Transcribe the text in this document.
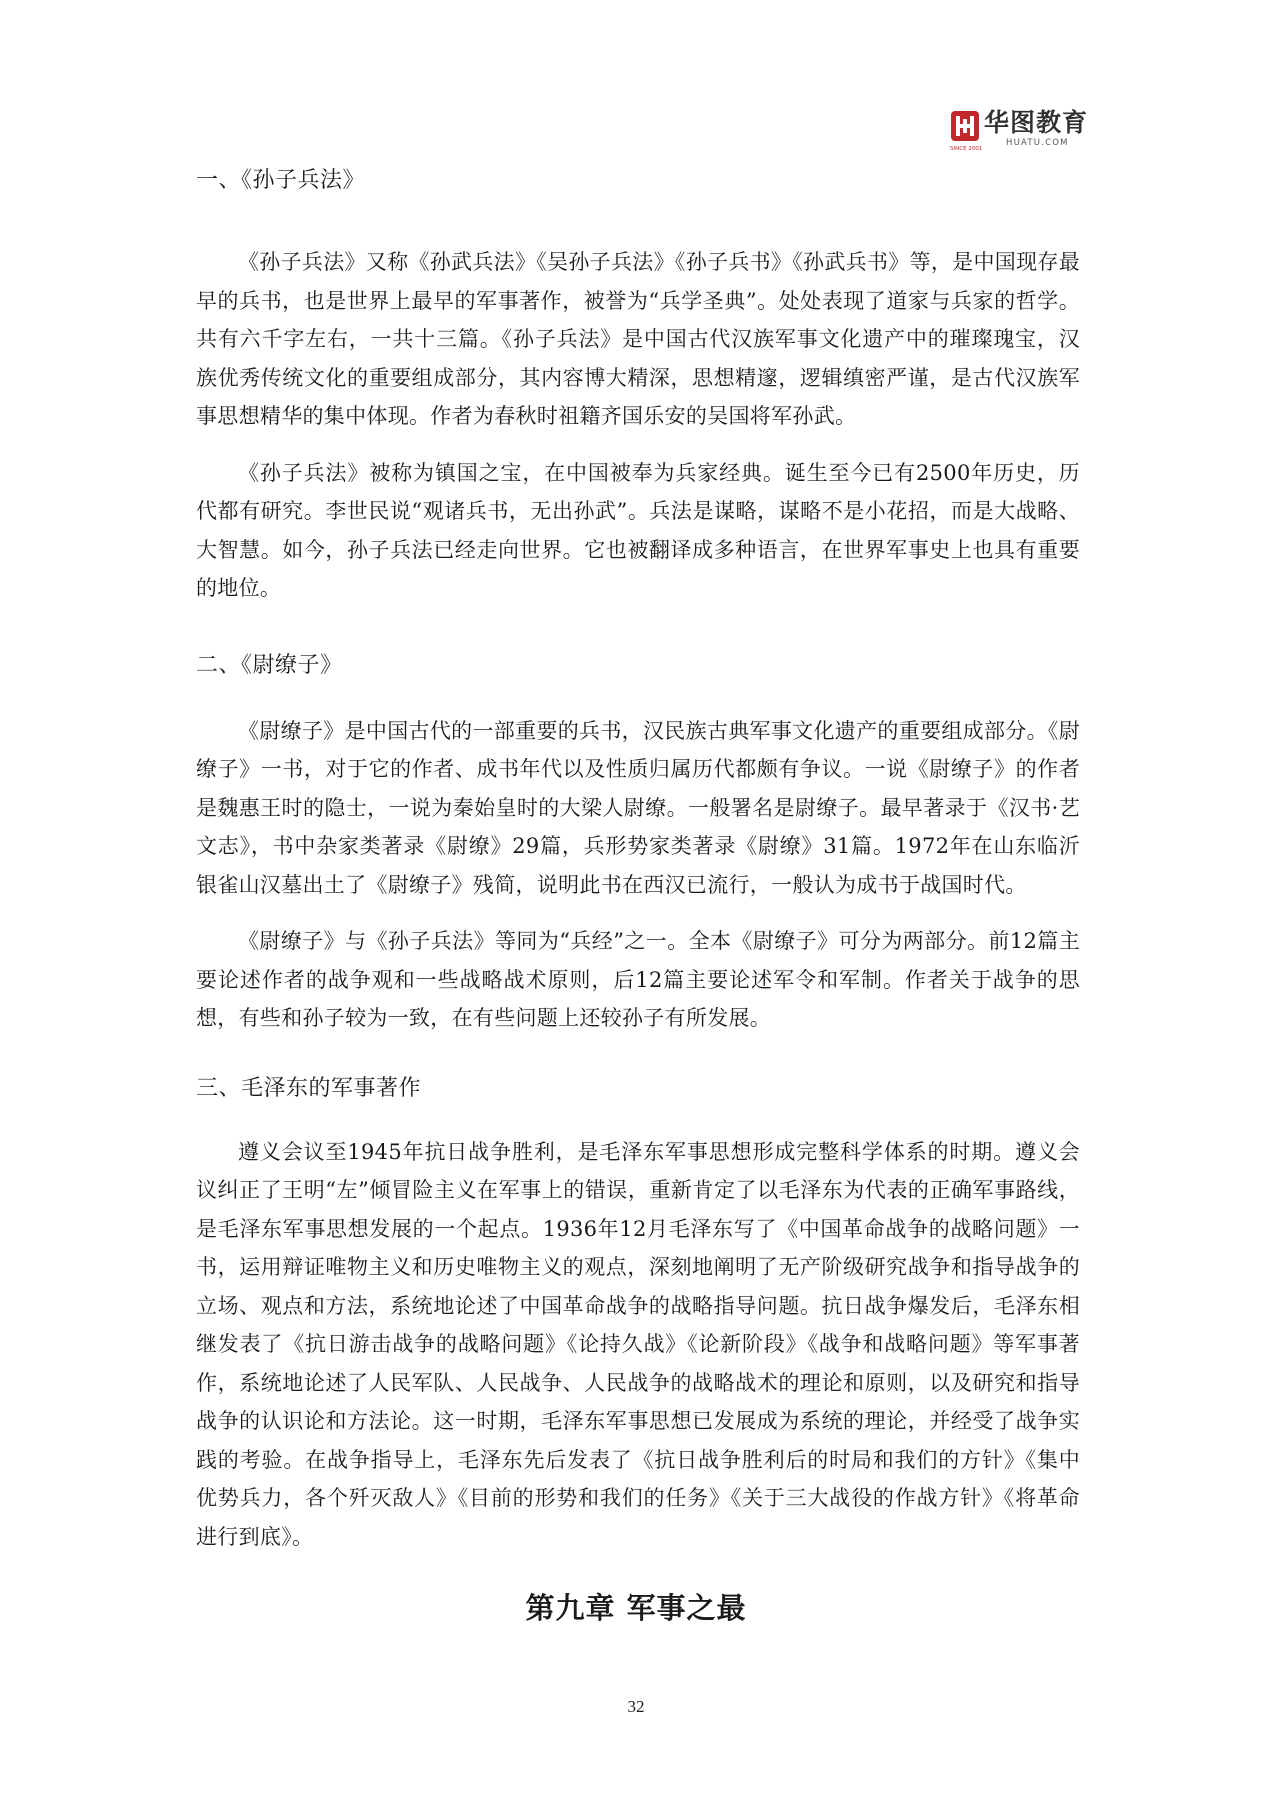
华图教育
HUATU.COM
SINCE 2001
一、《孙子兵法》

《孙子兵法》又称《孙武兵法》《吴孙子兵法》《孙子兵书》《孙武兵书》等，是中国现存最早的兵书，也是世界上最早的军事著作，被誉为“兵学圣典”。处处表现了道家与兵家的哲学。共有六千字左右，一共十三篇。《孙子兵法》是中国古代汉族军事文化遗产中的璀璨瑰宝，汉族优秀传统文化的重要组成部分，其内容博大精深，思想精邃，逻辑缜密严谨，是古代汉族军事思想精华的集中体现。作者为春秋时祖籍齐国乐安的吴国将军孙武。

《孙子兵法》被称为镇国之宝，在中国被奉为兵家经典。诞生至今已有2500年历史，历代都有研究。李世民说“观诸兵书，无出孙武”。兵法是谋略，谋略不是小花招，而是大战略、大智慧。如今，孙子兵法已经走向世界。它也被翻译成多种语言，在世界军事史上也具有重要的地位。

二、《尉缭子》

《尉缭子》是中国古代的一部重要的兵书，汉民族古典军事文化遗产的重要组成部分。《尉缭子》一书，对于它的作者、成书年代以及性质归属历代都颇有争议。一说《尉缭子》的作者是魏惠王时的隐士，一说为秦始皇时的大梁人尉缭。一般署名是尉缭子。最早著录于《汉书·艺文志》，书中杂家类著录《尉缭》29篇，兵形势家类著录《尉缭》31篇。1972年在山东临沂银雀山汉墓出土了《尉缭子》残简，说明此书在西汉已流行，一般认为成书于战国时代。

《尉缭子》与《孙子兵法》等同为“兵经”之一。全本《尉缭子》可分为两部分。前12篇主要论述作者的战争观和一些战略战术原则，后12篇主要论述军令和军制。作者关于战争的思想，有些和孙子较为一致，在有些问题上还较孙子有所发展。

三、毛泽东的军事著作

遵义会议至1945年抗日战争胜利，是毛泽东军事思想形成完整科学体系的时期。遵义会议纠正了王明“左”倾冒险主义在军事上的错误，重新肯定了以毛泽东为代表的正确军事路线，是毛泽东军事思想发展的一个起点。1936年12月毛泽东写了《中国革命战争的战略问题》一书，运用辩证唯物主义和历史唯物主义的观点，深刻地阐明了无产阶级研究战争和指导战争的立场、观点和方法，系统地论述了中国革命战争的战略指导问题。抗日战争爆发后，毛泽东相继发表了《抗日游击战争的战略问题》《论持久战》《论新阶段》《战争和战略问题》等军事著作，系统地论述了人民军队、人民战争、人民战争的战略战术的理论和原则，以及研究和指导战争的认识论和方法论。这一时期，毛泽东军事思想已发展成为系统的理论，并经受了战争实践的考验。在战争指导上，毛泽东先后发表了《抗日战争胜利后的时局和我们的方针》《集中优势兵力，各个歼灭敌人》《目前的形势和我们的任务》《关于三大战役的作战方针》《将革命进行到底》。

第九章 军事之最
32
